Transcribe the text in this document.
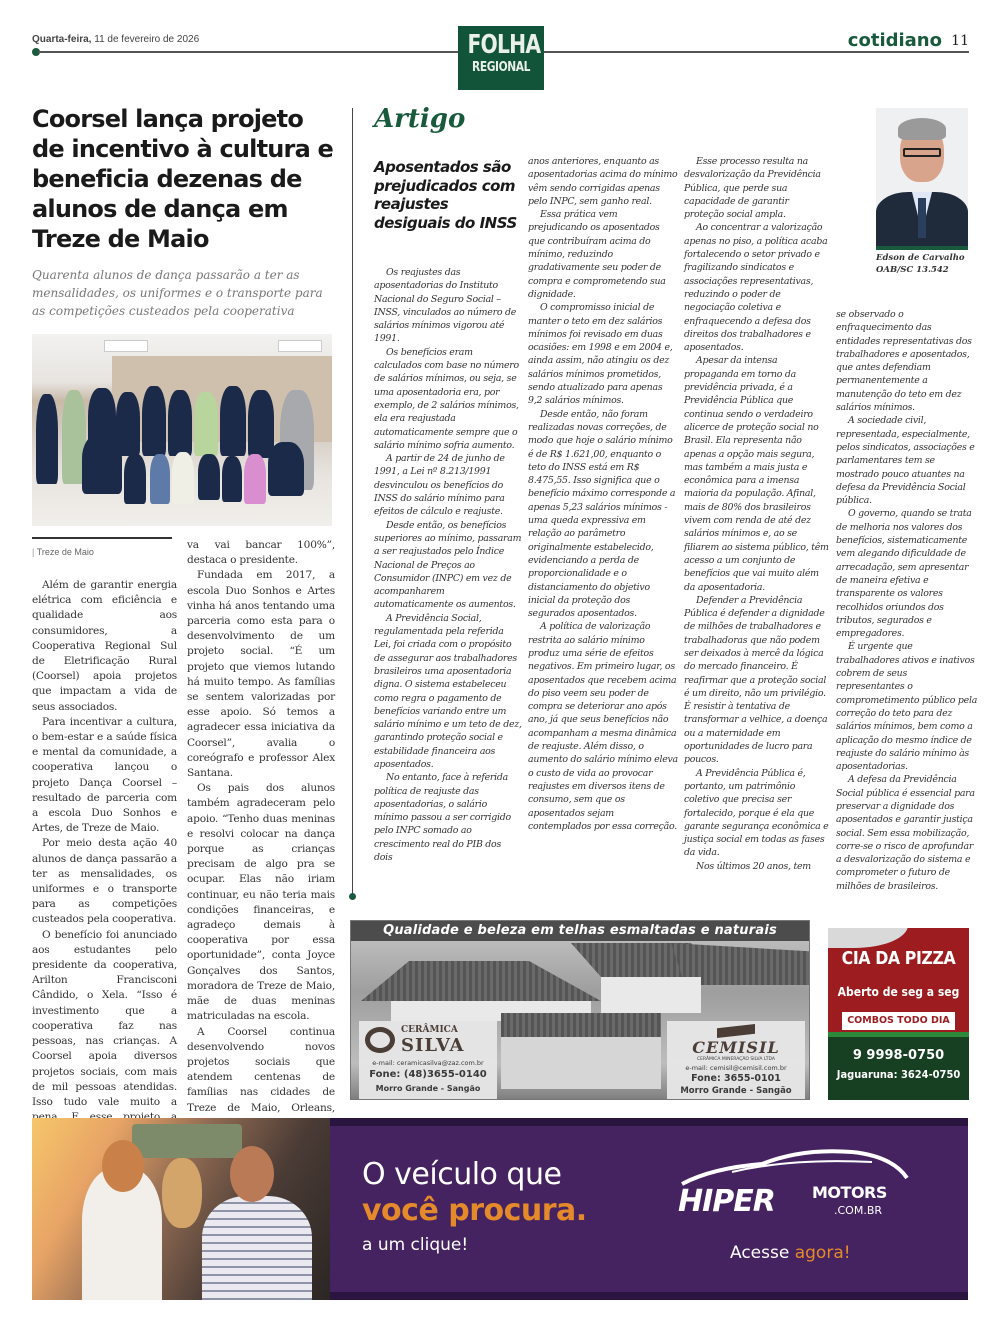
Quarta-feira, 11 de fevereiro de 2026	FOLHA
REGIONAL
cotidiano 11
Coorsel lança projeto de incentivo à cultura e beneficia dezenas de alunos de dança em Treze de Maio
Quarenta alunos de dança passarão a ter as mensalidades, os uniformes e o transporte para as competições custeados pela cooperativa
| Treze de Maio

Além de garantir energia elétrica com eficiência e qualidade aos consumidores, a Cooperativa Regional Sul de Eletrificação Rural (Coorsel) apoia projetos que impactam a vida de seus associados.

Para incentivar a cultura, o bem-estar e a saúde física e mental da comunidade, a cooperativa lançou o projeto Dança Coorsel – resultado de parceria com a escola Duo Sonhos e Artes, de Treze de Maio.

Por meio desta ação 40 alunos de dança passarão a ter as mensalidades, os uniformes e o transporte para as competições custeados pela cooperativa.

O benefício foi anunciado aos estudantes pelo presidente da cooperativa, Arilton Francisconi Cândido, o Xela. “Isso é investimento que a cooperativa faz nas pessoas, nas crianças. A Coorsel apoia diversos projetos sociais, com mais de mil pessoas atendidas. Isso tudo vale muito a

va vai bancar 100%”, destaca o presidente.

Fundada em 2017, a escola Duo Sonhos e Artes vinha há anos tentando uma parceria como esta para o desenvolvimento de um projeto social. “É um projeto que viemos lutando há muito tempo. As famílias se sentem valorizadas por esse apoio. Só temos a agradecer essa iniciativa da Coorsel”, avalia o coreógrafo e professor Alex Santana.

Os pais dos alunos também agradeceram pelo apoio. “Tenho duas meninas e resolvi colocar na dança porque as crianças precisam de algo pra se ocupar. Elas não iriam continuar, eu não teria mais condições financeiras, e agradeço demais à cooperativa por essa oportunidade”, conta Joyce Gonçalves dos Santos, moradora de Treze de Maio, mãe de duas meninas matriculadas na escola.

A Coorsel continua desenvolvendo novos projetos sociais que atendem centenas de famílias nas cidades de Treze de Maio, Orleans,

Artigo
Aposentados são prejudicados com reajustes desiguais do INSS

Os reajustes das aposentadorias do Instituto Nacional do Seguro Social – INSS, vinculados ao número de salários mínimos vigorou até 1991.

Os benefícios eram calculados com base no número de salários mínimos, ou seja, se uma aposentadoria era, por exemplo, de 2 salários mínimos, ela era reajustada automaticamente sempre que o salário mínimo sofria aumento.

A partir de 24 de junho de 1991, a Lei nº 8.213/1991 desvinculou os benefícios do INSS do salário mínimo para efeitos de cálculo e reajuste.

Desde então, os benefícios superiores ao mínimo, passaram a ser reajustados pelo Índice Nacional de Preços ao Consumidor (INPC) em vez de acompanharem automaticamente os aumentos.

A Previdência Social, regulamentada pela referida Lei, foi criada com o propósito de assegurar aos trabalhadores brasileiros uma aposentadoria digna. O sistema estabeleceu como regra o pagamento de benefícios variando entre um salário mínimo e um teto de dez, garantindo proteção social e estabilidade financeira aos aposentados.

No entanto, face à referida política de reajuste das aposentadorias, o salário mínimo passou a ser corrigido pelo INPC somado ao crescimento real do PIB dos dois

anos anteriores, enquanto as aposentadorias acima do mínimo vêm sendo corrigidas apenas pelo INPC, sem ganho real.

Essa prática vem prejudicando os aposentados que contribuíram acima do mínimo, reduzindo gradativamente seu poder de compra e comprometendo sua dignidade.

O compromisso inicial de manter o teto em dez salários mínimos foi revisado em duas ocasiões: em 1998 e em 2004 e, ainda assim, não atingiu os dez salários mínimos prometidos, sendo atualizado para apenas 9,2 salários mínimos.

Desde então, não foram realizadas novas correções, de modo que hoje o salário mínimo é de R$ 1.621,00, enquanto o teto do INSS está em R$ 8.475,55. Isso significa que o benefício máximo corresponde a apenas 5,23 salários mínimos - uma queda expressiva em relação ao parâmetro originalmente estabelecido, evidenciando a perda de proporcionalidade e o distanciamento do objetivo inicial da proteção dos segurados aposentados.

A política de valorização restrita ao salário mínimo produz uma série de efeitos negativos. Em primeiro lugar, os aposentados que recebem acima do piso veem seu poder de compra se deteriorar ano após ano, já que seus benefícios não acompanham a mesma dinâmica de reajuste. Além disso, o aumento do salário mínimo eleva o custo de vida ao provocar reajustes em diversos itens de consumo, sem que os aposentados sejam contemplados por essa correção.

Esse processo resulta na desvalorização da Previdência Pública, que perde sua capacidade de garantir proteção social ampla.

Ao concentrar a valorização apenas no piso, a política acaba fortalecendo o setor privado e fragilizando sindicatos e associações representativas, reduzindo o poder de negociação coletiva e enfraquecendo a defesa dos direitos dos trabalhadores e aposentados.

Apesar da intensa propaganda em torno da previdência privada, é a Previdência Pública que continua sendo o verdadeiro alicerce de proteção social no Brasil. Ela representa não apenas a opção mais segura, mas também a mais justa e econômica para a imensa maioria da população. Afinal, mais de 80% dos brasileiros vivem com renda de até dez salários mínimos e, ao se filiarem ao sistema público, têm acesso a um conjunto de benefícios que vai muito além da aposentadoria.

Defender a Previdência Pública é defender a dignidade de milhões de trabalhadores e trabalhadoras que não podem ser deixados à mercê da lógica do mercado financeiro. É reafirmar que a proteção social é um direito, não um privilégio. É resistir à tentativa de transformar a velhice, a doença ou a maternidade em oportunidades de lucro para poucos.

A Previdência Pública é, portanto, um patrimônio coletivo que precisa ser fortalecido, porque é ela que garante segurança econômica e justiça social em todas as fases da vida.

Nos últimos 20 anos, tem

Edson de Carvalho
OAB/SC 13.542

se observado o enfraquecimento das entidades representativas dos trabalhadores e aposentados, que antes defendiam permanentemente a manutenção do teto em dez salários mínimos.

A sociedade civil, representada, especialmente, pelos sindicatos, associações e parlamentares tem se mostrado pouco atuantes na defesa da Previdência Social pública.

O governo, quando se trata de melhoria nos valores dos benefícios, sistematicamente vem alegando dificuldade de arrecadação, sem apresentar de maneira efetiva e transparente os valores recolhidos oriundos dos tributos, segurados e empregadores.

É urgente que trabalhadores ativos e inativos cobrem de seus representantes o comprometimento público pela correção do teto para dez salários mínimos, bem como a aplicação do mesmo índice de reajuste do salário mínimo às aposentadorias.

A defesa da Previdência Social pública é essencial para preservar a dignidade dos aposentados e garantir justiça social. Sem essa mobilização, corre-se o risco de aprofundar a desvalorização do sistema e comprometer o futuro de milhões de brasileiros.

Qualidade e beleza em telhas esmaltadas e naturais
CERÂMICA
SILVA
e-mail: ceramicasilva@zaz.com.br
Fone: (48)3655-0140
Morro Grande - Sangão
CEMISIL
CERÂMICA MINERAÇÃO SILVA LTDA
e-mail: cemisil@cemisil.com.br
Fone: 3655-0101
Morro Grande - Sangão
CIA DA PIZZA
Aberto de seg a seg
COMBOS TODO DIA
9 9998-0750
Jaguaruna: 3624-0750
O veículo que
você procura.
a um clique!
HIPER MOTORS
.COM.BR
Acesse agora!
